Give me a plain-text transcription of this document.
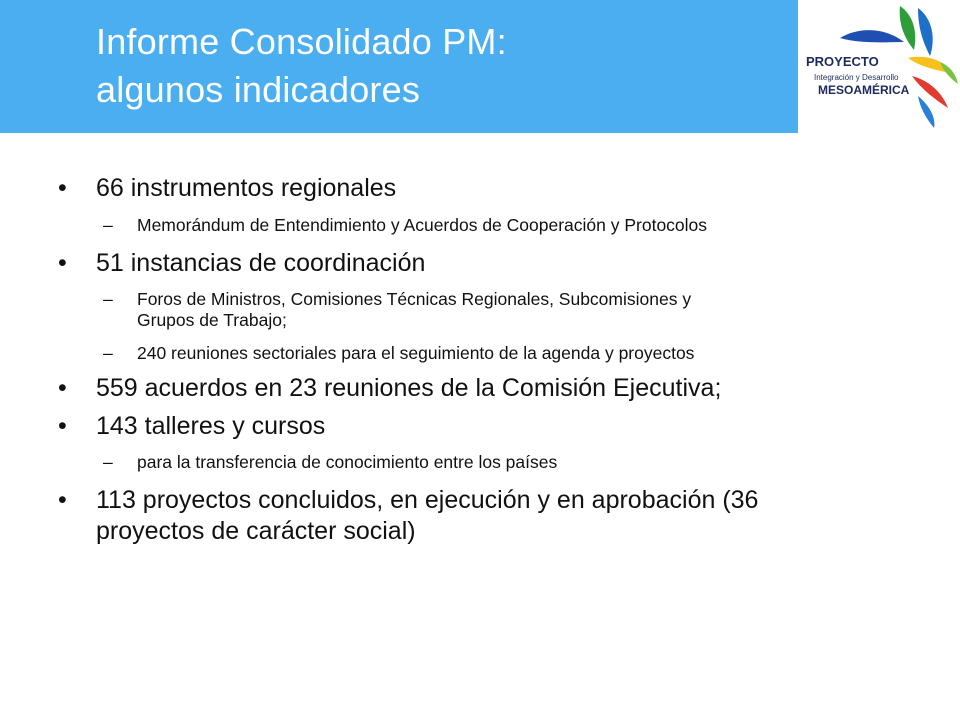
Informe Consolidado PM:
algunos indicadores
PROYECTO
Integración y Desarrollo
MESOAMÉRICA
• 66 instrumentos regionales
– Memorándum de Entendimiento y Acuerdos de Cooperación y Protocolos
• 51 instancias de coordinación
– Foros de Ministros, Comisiones Técnicas Regionales, Subcomisiones y
Grupos de Trabajo;
– 240 reuniones sectoriales para el seguimiento de la agenda y proyectos
• 559 acuerdos en 23 reuniones de la Comisión Ejecutiva;
• 143 talleres y cursos
– para la transferencia de conocimiento entre los países
• 113 proyectos concluidos, en ejecución y en aprobación (36
proyectos de carácter social)
